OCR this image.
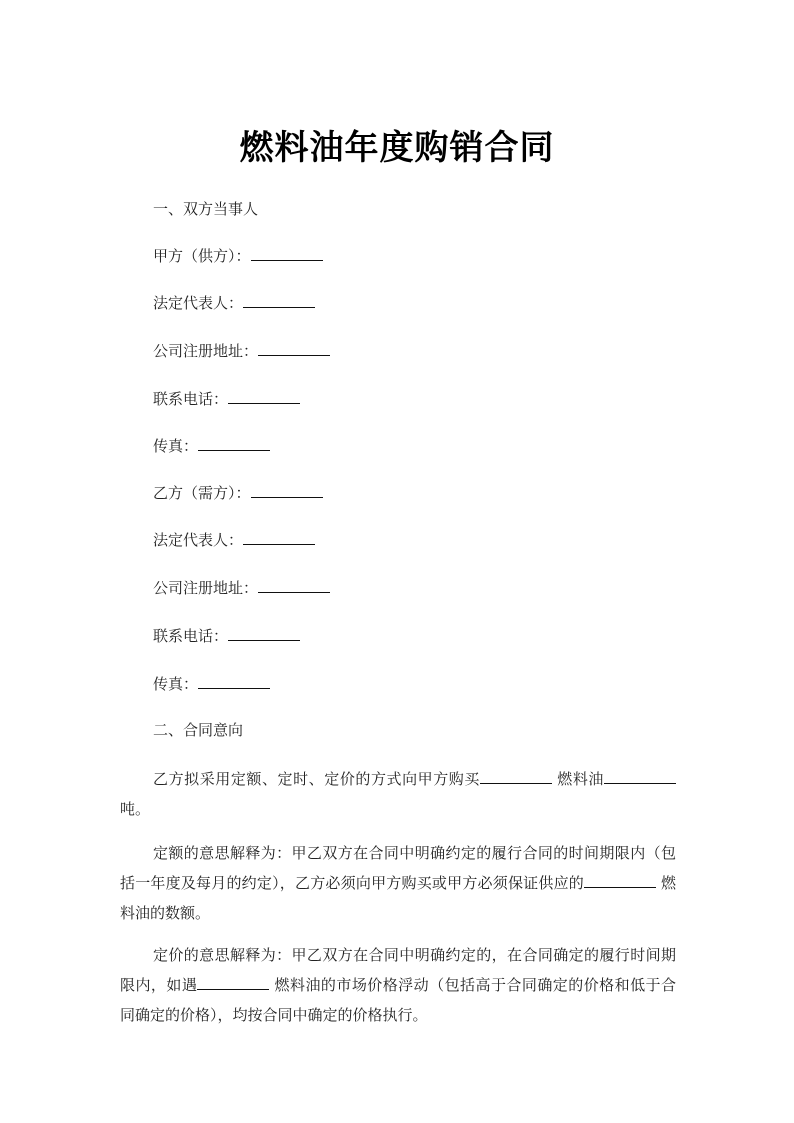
燃料油年度购销合同
一、双方当事人
甲方（供方）：
法定代表人：
公司注册地址：
联系电话：
传真：
乙方（需方）：
法定代表人：
公司注册地址：
联系电话：
传真：
二、合同意向
乙方拟采用定额、定时、定价的方式向甲方购买	燃料油吨。
定额的意思解释为：甲乙双方在合同中明确约定的履行合同的时间期限内（包括一年度及每月的约定），乙方必须向甲方购买或甲方必须保证供应的	燃料油的数额。
定价的意思解释为：甲乙双方在合同中明确约定的，在合同确定的履行时间期限内，如遇	燃料油的市场价格浮动（包括高于合同确定的价格和低于合同确定的价格），均按合同中确定的价格执行。
